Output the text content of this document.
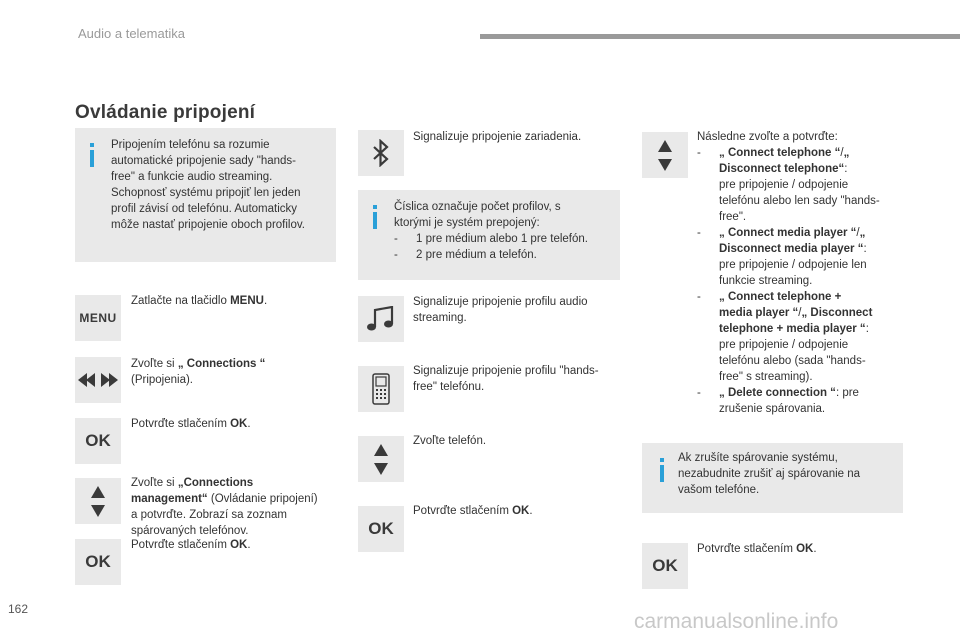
Audio a telematika
Ovládanie pripojení
Pripojením telefónu sa rozumie
automatické pripojenie sady "hands-
free" a funkcie audio streaming.
Schopnosť systému pripojiť len jeden
profil závisí od telefónu. Automaticky
môže nastať pripojenie oboch profilov.
MENU
Zatlačte na tlačidlo MENU.
Zvoľte si „ Connections “
(Pripojenia).
OK
Potvrďte stlačením OK.
Zvoľte si „Connections
management“ (Ovládanie pripojení)
a potvrďte. Zobrazí sa zoznam
spárovaných telefónov.
OK
Potvrďte stlačením OK.
Signalizuje pripojenie zariadenia.
Číslica označuje počet profilov, s
ktorými je systém prepojený:
-	1 pre médium alebo 1 pre telefón.
-	2 pre médium a telefón.
Signalizuje pripojenie profilu audio
streaming.
Signalizuje pripojenie profilu "hands-
free" telefónu.
Zvoľte telefón.
OK
Potvrďte stlačením OK.
Následne zvoľte a potvrďte:
-	„ Connect telephone “/„
Disconnect telephone“:
pre pripojenie / odpojenie
telefónu alebo len sady "hands-
free".
-	„ Connect media player “/„
Disconnect media player “:
pre pripojenie / odpojenie len
funkcie streaming.
-	„ Connect telephone +
media player “/„ Disconnect
telephone + media player “:
pre pripojenie / odpojenie
telefónu alebo (sada "hands-
free" s streaming).
-	„ Delete connection “: pre
zrušenie spárovania.
Ak zrušíte spárovanie systému,
nezabudnite zrušiť aj spárovanie na
vašom telefóne.
OK
Potvrďte stlačením OK.
162
carmanualsonline.info
